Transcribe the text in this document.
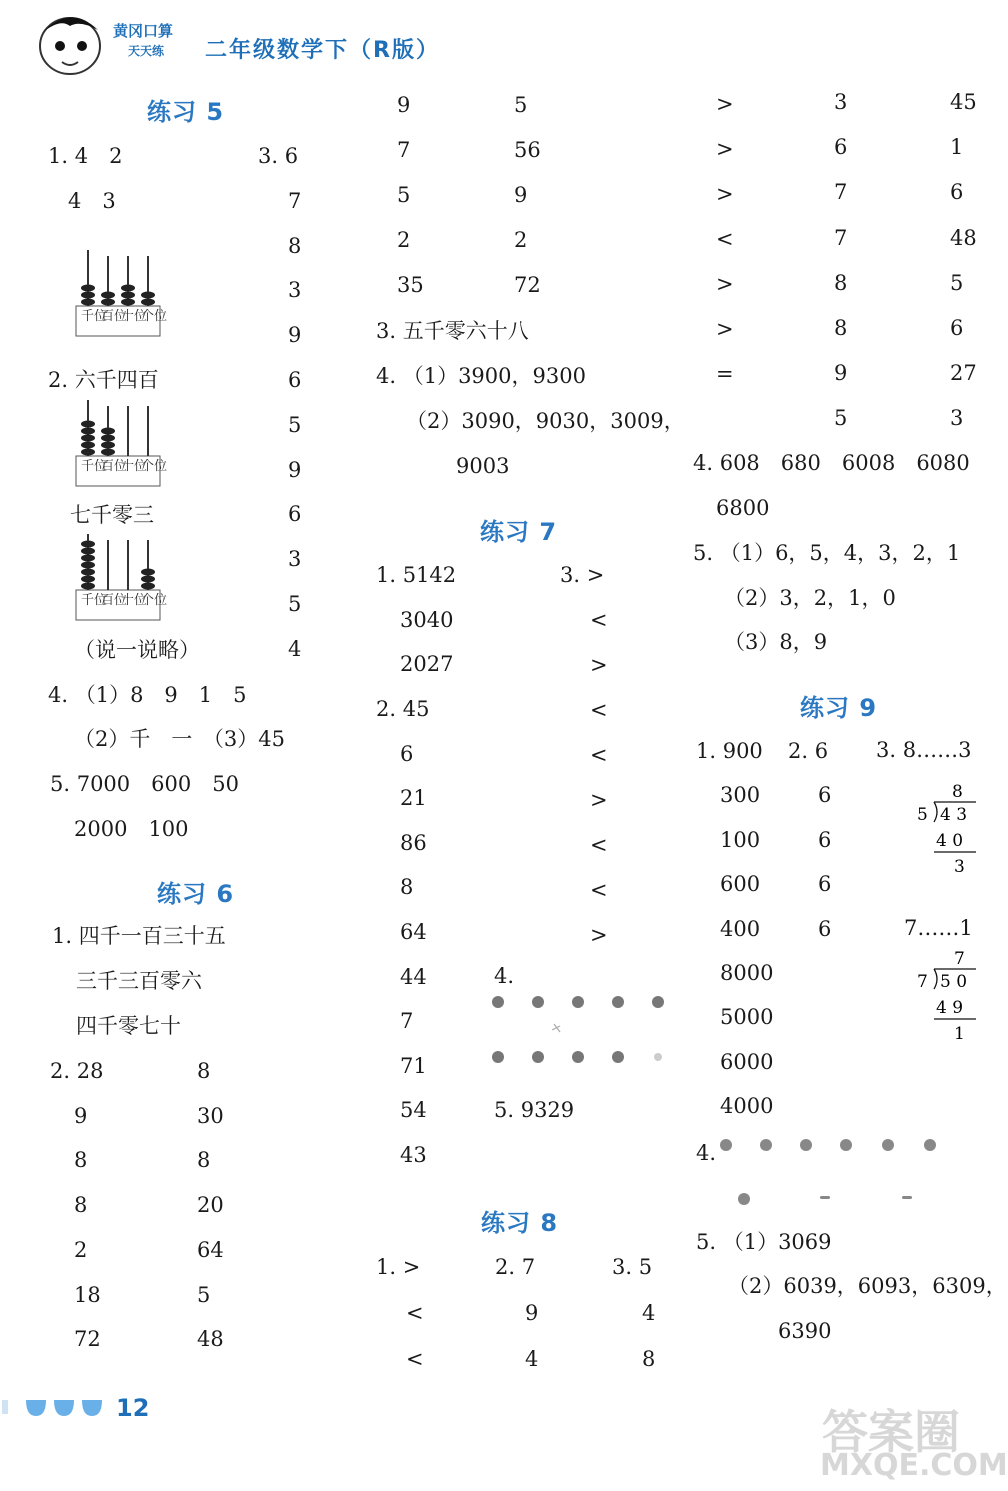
黄冈口算
天天练 二年级数学下（R版）
练习 5
1. 4　2
4　3
3. 6
7
8
3
9
6
5
9
6
3
5
4
千位
百位
十位
个位
2. 六千四百
千位
百位
十位
个位
七千零三
千位
百位
十位
个位
（说一说略）
4. （1）8　9　1　5
（2）千　一　（3）45
5. 7000　600　50
2000　100
练习 6
1. 四千一百三十五
三千三百零六
四千零七十
2. 28
9
8
8
2
18
72
8
30
8
20
64
5
48
9
7
5
2
35
5
56
9
2
72
3. 五千零六十八
4. （1）3900，9300
（2）3090，9030，3009，
9003
练习 7
1. 5142
3040
2027
2. 45
6
21
86
8
64
44
7
71
54
43
3. >
<
>
<
<
>
<
<
>
4.
5. 9329
练习 8
1. >
<
<
2. 7
9
4
3. 5
4
8
>
>
>
<
>
>
=
3
6
7
7
8
8
9
5
45
1
6
48
5
6
27
3
4. 608　680　6008　6080
6800
5. （1）6，5，4，3，2，1
（2）3，2，1，0
（3）8，9
练习 9
1. 900
300
100
600
400
8000
5000
6000
4000
2. 6
6
6
6
6
3. 8……3
7……1
8
5 4 3
4 0
3
7
7 5 0
4 9
1
4.
5. （1）3069
（2）6039，6093，6309，
6390
12	答案圈
MXQE.COM
